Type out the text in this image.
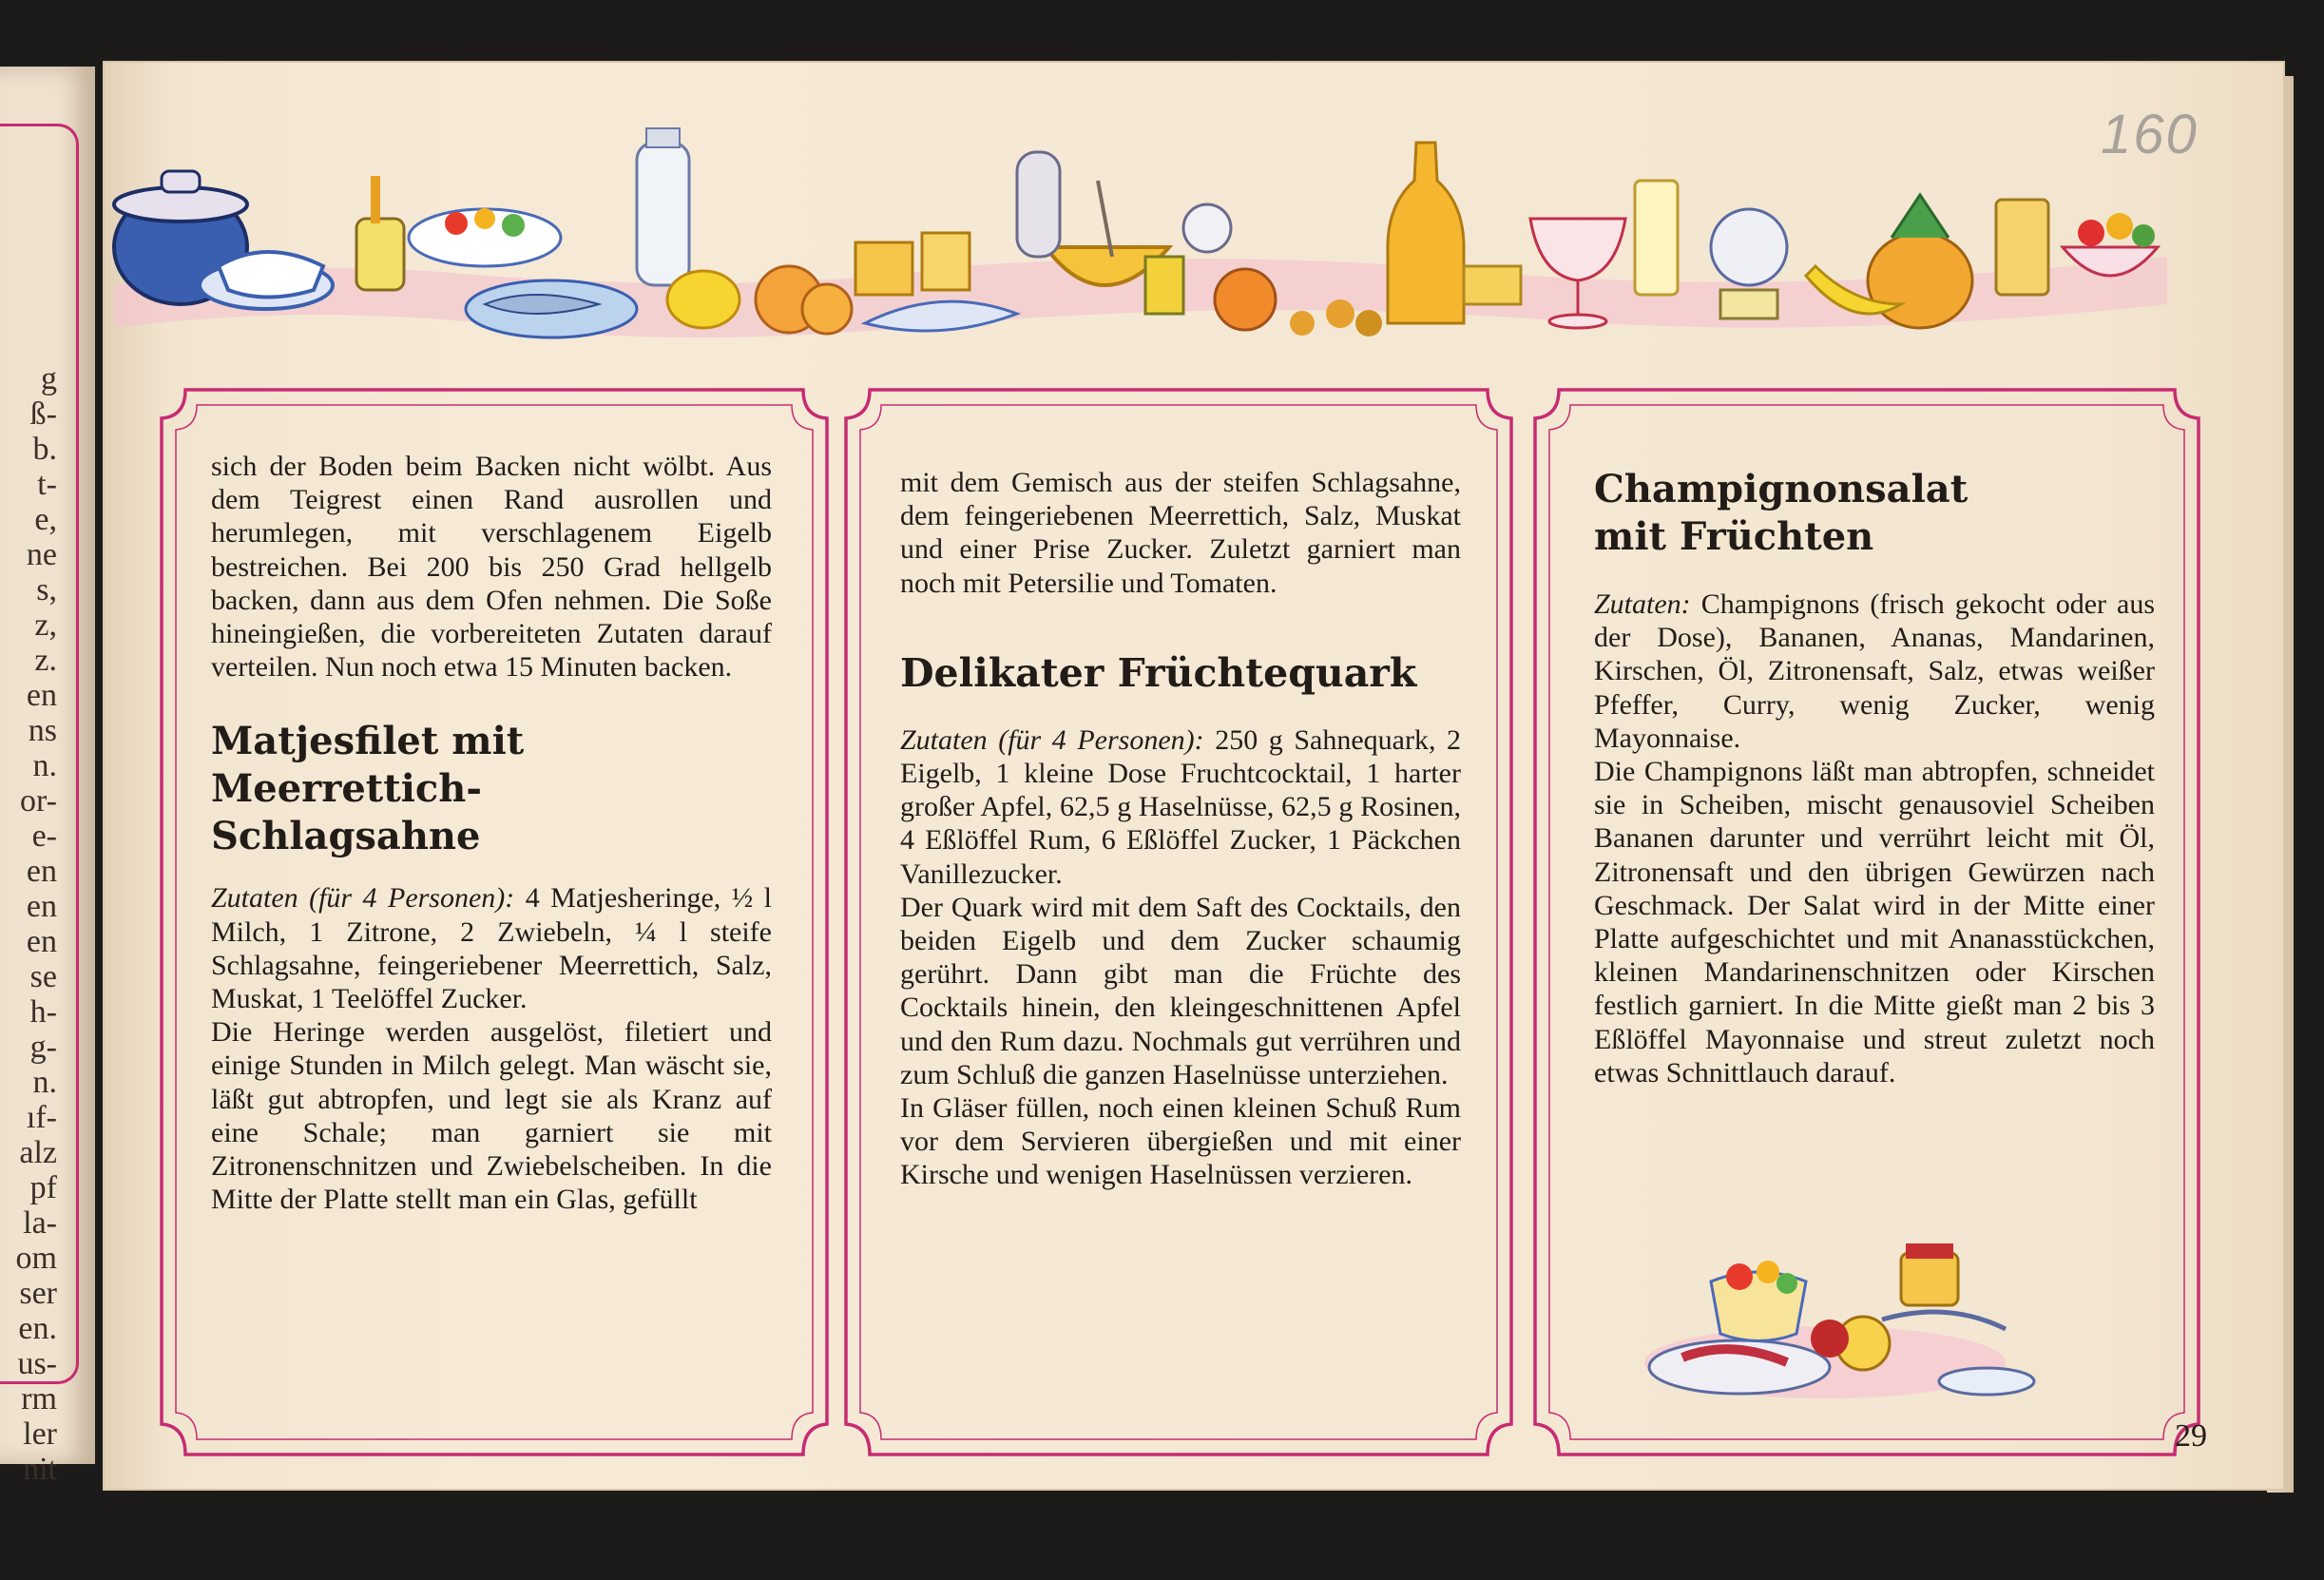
g
ß-
b.
t-
e,
ne
s,
z,
z.
en
ns
n.
or-
e-
en
en
en
se
h-
g-
n.
ıf-
alz
pf
la-
om
ser
en.
us-
rm
ler
nit
160

sich der Boden beim Backen nicht wölbt. Aus dem Teigrest einen Rand ausrollen und herumlegen, mit verschlagenem Eigelb bestreichen. Bei 200 bis 250 Grad hellgelb backen, dann aus dem Ofen nehmen. Die Soße hineingießen, die vorbereiteten Zutaten darauf verteilen. Nun noch etwa 15 Minuten backen.

Matjesfilet mit

Meerrettich-

Schlagsahne

Zutaten (für 4 Personen): 4 Matjesheringe, ½ l Milch, 1 Zitrone, 2 Zwiebeln, ¼ l steife Schlagsahne, feingeriebener Meerrettich, Salz, Muskat, 1 Teelöffel Zucker.

Die Heringe werden ausgelöst, filetiert und einige Stunden in Milch gelegt. Man wäscht sie, läßt gut abtropfen, und legt sie als Kranz auf eine Schale; man garniert sie mit Zitronenschnitzen und Zwiebelscheiben. In die Mitte der Platte stellt man ein Glas, gefüllt

mit dem Gemisch aus der steifen Schlagsahne, dem feingeriebenen Meerrettich, Salz, Muskat und einer Prise Zucker. Zuletzt garniert man noch mit Petersilie und Tomaten.

Delikater Früchtequark

Zutaten (für 4 Personen): 250 g Sahnequark, 2 Eigelb, 1 kleine Dose Fruchtcocktail, 1 harter großer Apfel, 62,5 g Haselnüsse, 62,5 g Rosinen, 4 Eßlöffel Rum, 6 Eßlöffel Zucker, 1 Päckchen Vanillezucker.

Der Quark wird mit dem Saft des Cocktails, den beiden Eigelb und dem Zucker schaumig gerührt. Dann gibt man die Früchte des Cocktails hinein, den kleingeschnittenen Apfel und den Rum dazu. Nochmals gut verrühren und zum Schluß die ganzen Haselnüsse unterziehen.

In Gläser füllen, noch einen kleinen Schuß Rum vor dem Servieren übergießen und mit einer Kirsche und wenigen Haselnüssen verzieren.

Champignonsalat

mit Früchten

Zutaten: Champignons (frisch gekocht oder aus der Dose), Bananen, Ananas, Mandarinen, Kirschen, Öl, Zitronensaft, Salz, etwas weißer Pfeffer, Curry, wenig Zucker, wenig Mayonnaise.

Die Champignons läßt man abtropfen, schneidet sie in Scheiben, mischt genausoviel Scheiben Bananen darunter und verrührt leicht mit Öl, Zitronensaft und den übrigen Gewürzen nach Geschmack. Der Salat wird in der Mitte einer Platte aufgeschichtet und mit Ananasstückchen, kleinen Mandarinenschnitzen oder Kirschen festlich garniert. In die Mitte gießt man 2 bis 3 Eßlöffel Mayonnaise und streut zuletzt noch etwas Schnittlauch darauf.

29
